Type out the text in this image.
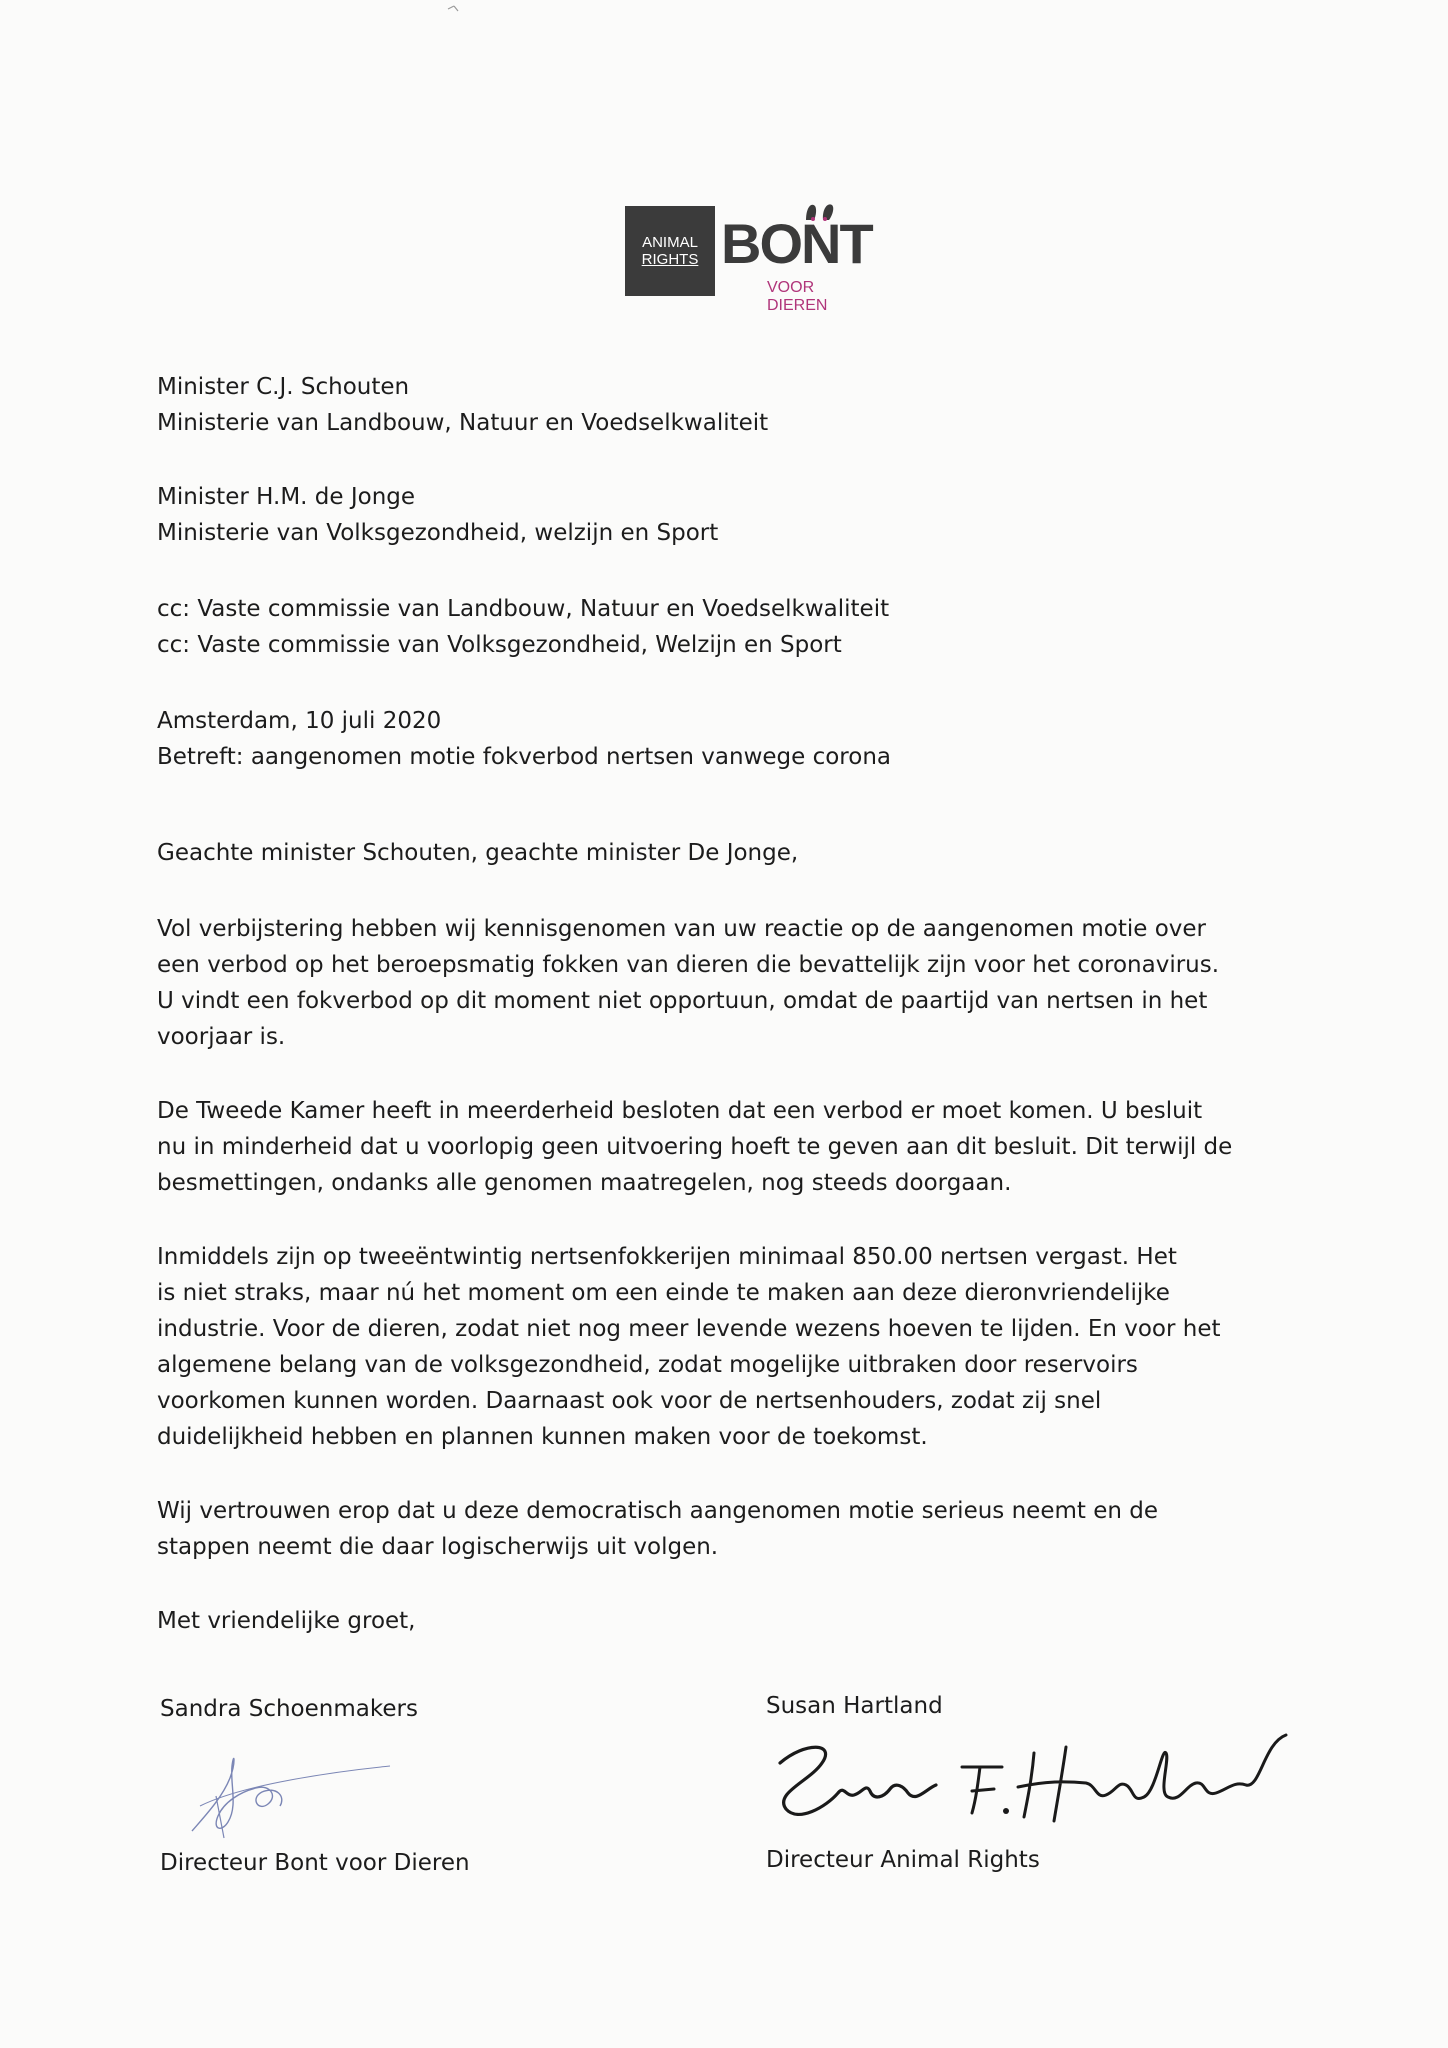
ANIMAL
RIGHTS BONT
VOOR DIEREN

Minister C.J. Schouten

Ministerie van Landbouw, Natuur en Voedselkwaliteit

Minister H.M. de Jonge

Ministerie van Volksgezondheid, welzijn en Sport

cc: Vaste commissie van Landbouw, Natuur en Voedselkwaliteit

cc: Vaste commissie van Volksgezondheid, Welzijn en Sport

Amsterdam, 10 juli 2020

Betreft: aangenomen motie fokverbod nertsen vanwege corona

Geachte minister Schouten, geachte minister De Jonge,

Vol verbijstering hebben wij kennisgenomen van uw reactie op de aangenomen motie over

een verbod op het beroepsmatig fokken van dieren die bevattelijk zijn voor het coronavirus.

U vindt een fokverbod op dit moment niet opportuun, omdat de paartijd van nertsen in het

voorjaar is.

De Tweede Kamer heeft in meerderheid besloten dat een verbod er moet komen. U besluit

nu in minderheid dat u voorlopig geen uitvoering hoeft te geven aan dit besluit. Dit terwijl de

besmettingen, ondanks alle genomen maatregelen, nog steeds doorgaan.

Inmiddels zijn op tweeëntwintig nertsenfokkerijen minimaal 850.00 nertsen vergast. Het

is niet straks, maar nú het moment om een einde te maken aan deze dieronvriendelijke

industrie. Voor de dieren, zodat niet nog meer levende wezens hoeven te lijden. En voor het

algemene belang van de volksgezondheid, zodat mogelijke uitbraken door reservoirs

voorkomen kunnen worden. Daarnaast ook voor de nertsenhouders, zodat zij snel

duidelijkheid hebben en plannen kunnen maken voor de toekomst.

Wij vertrouwen erop dat u deze democratisch aangenomen motie serieus neemt en de

stappen neemt die daar logischerwijs uit volgen.

Met vriendelijke groet,

Sandra Schoenmakers
Directeur Bont voor Dieren
Susan Hartland
Directeur Animal Rights
